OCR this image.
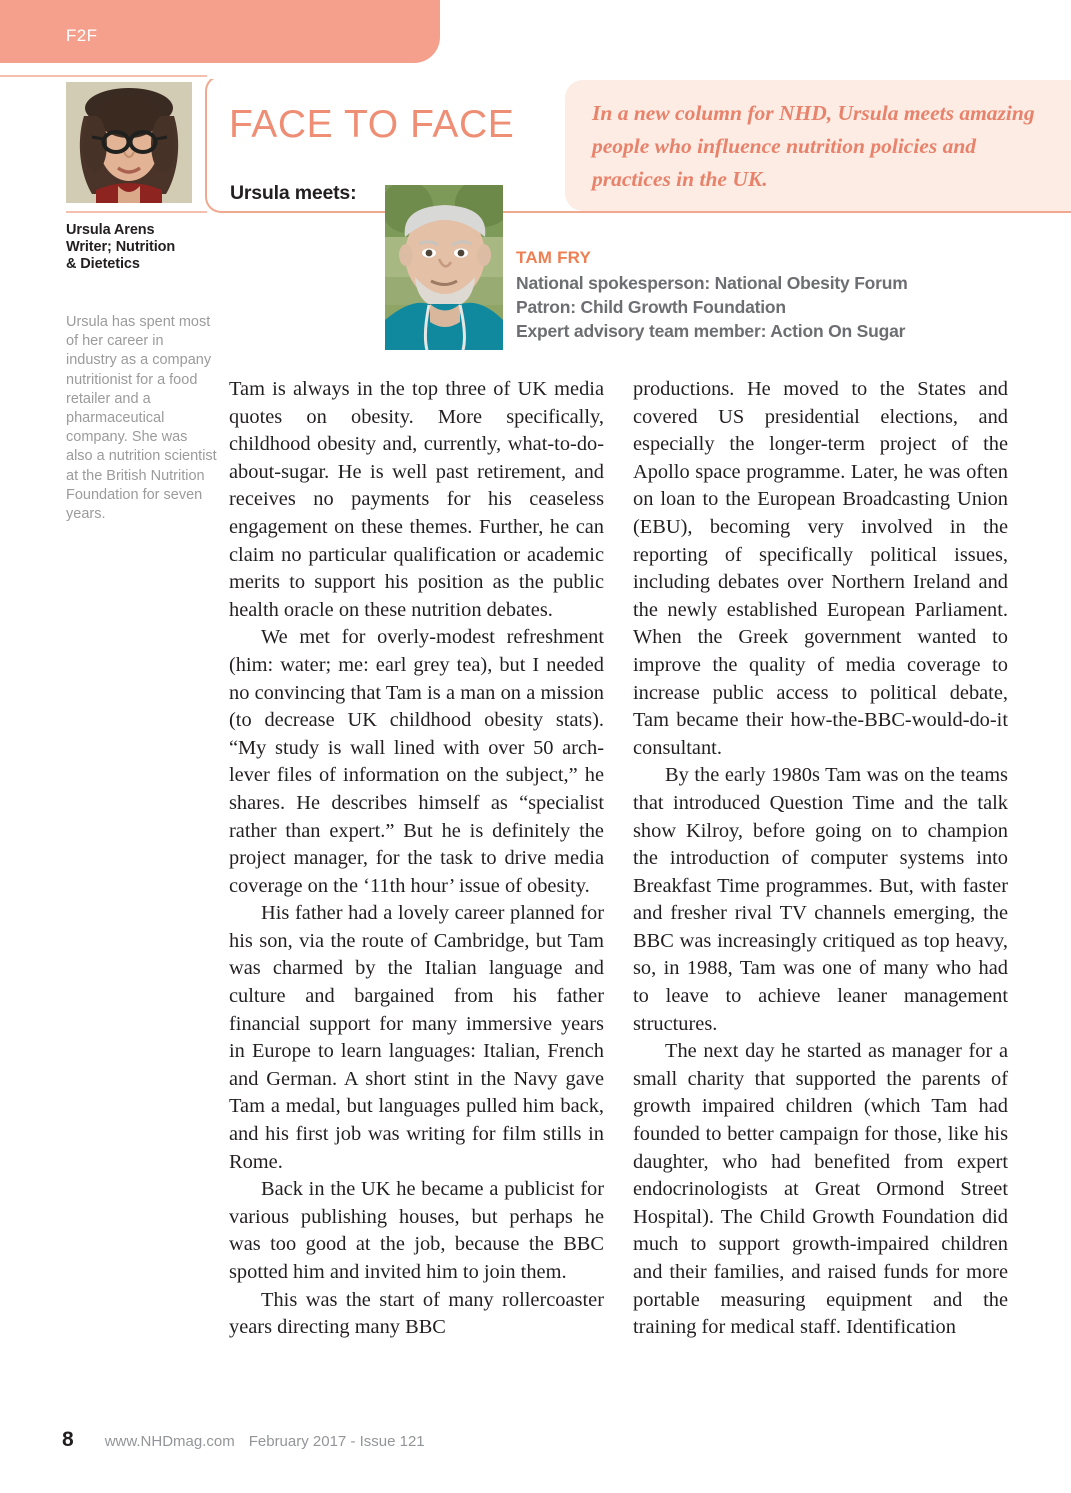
F2F
Ursula Arens
Writer; Nutrition
& Dietetics
Ursula has spent most of her career in industry as a company nutritionist for a food retailer and a pharmaceutical company. She was also a nutrition scientist at the British Nutrition Foundation for seven years.
FACE TO FACE	In a new column for NHD, Ursula meets amazing people who influence nutrition policies and practices in the UK.
Ursula meets:
TAM FRY
National spokesperson: National Obesity Forum
Patron: Child Growth Foundation
Expert advisory team member: Action On Sugar

Tam is always in the top three of UK media quotes on obesity. More specifically, childhood obesity and, currently, what-to-do-about-sugar. He is well past retirement, and receives no payments for his ceaseless engagement on these themes. Further, he can claim no particular qualification or academic merits to support his position as the public health oracle on these nutrition debates.

We met for overly-modest refreshment (him: water; me: earl grey tea), but I needed no convincing that Tam is a man on a mission (to decrease UK childhood obesity stats). “My study is wall lined with over 50 arch-lever files of information on the subject,” he shares. He describes himself as “specialist rather than expert.” But he is definitely the project manager, for the task to drive media coverage on the ‘11th hour’ issue of obesity.

His father had a lovely career planned for his son, via the route of Cambridge, but Tam was charmed by the Italian language and culture and bargained from his father financial support for many immersive years in Europe to learn languages: Italian, French and German. A short stint in the Navy gave Tam a medal, but languages pulled him back, and his first job was writing for film stills in Rome.

Back in the UK he became a publicist for various publishing houses, but perhaps he was too good at the job, because the BBC spotted him and invited him to join them.

This was the start of many rollercoaster years directing many BBC

productions. He moved to the States and covered US presidential elections, and especially the longer-term project of the Apollo space programme. Later, he was often on loan to the European Broadcasting Union (EBU), becoming very involved in the reporting of specifically political issues, including debates over Northern Ireland and the newly established European Parliament. When the Greek government wanted to improve the quality of media coverage to increase public access to political debate, Tam became their how-the-BBC-would-do-it consultant.

By the early 1980s Tam was on the teams that introduced Question Time and the talk show Kilroy, before going on to champion the introduction of computer systems into Breakfast Time programmes. But, with faster and fresher rival TV channels emerging, the BBC was increasingly critiqued as top heavy, so, in 1988, Tam was one of many who had to leave to achieve leaner management structures.

The next day he started as manager for a small charity that supported the parents of growth impaired children (which Tam had founded to better campaign for those, like his daughter, who had benefited from expert endocrinologists at Great Ormond Street Hospital). The Child Growth Foundation did much to support growth-impaired children and their families, and raised funds for more portable measuring equipment and the training for medical staff. Identification

8 www.NHDmag.com February 2017 - Issue 121
